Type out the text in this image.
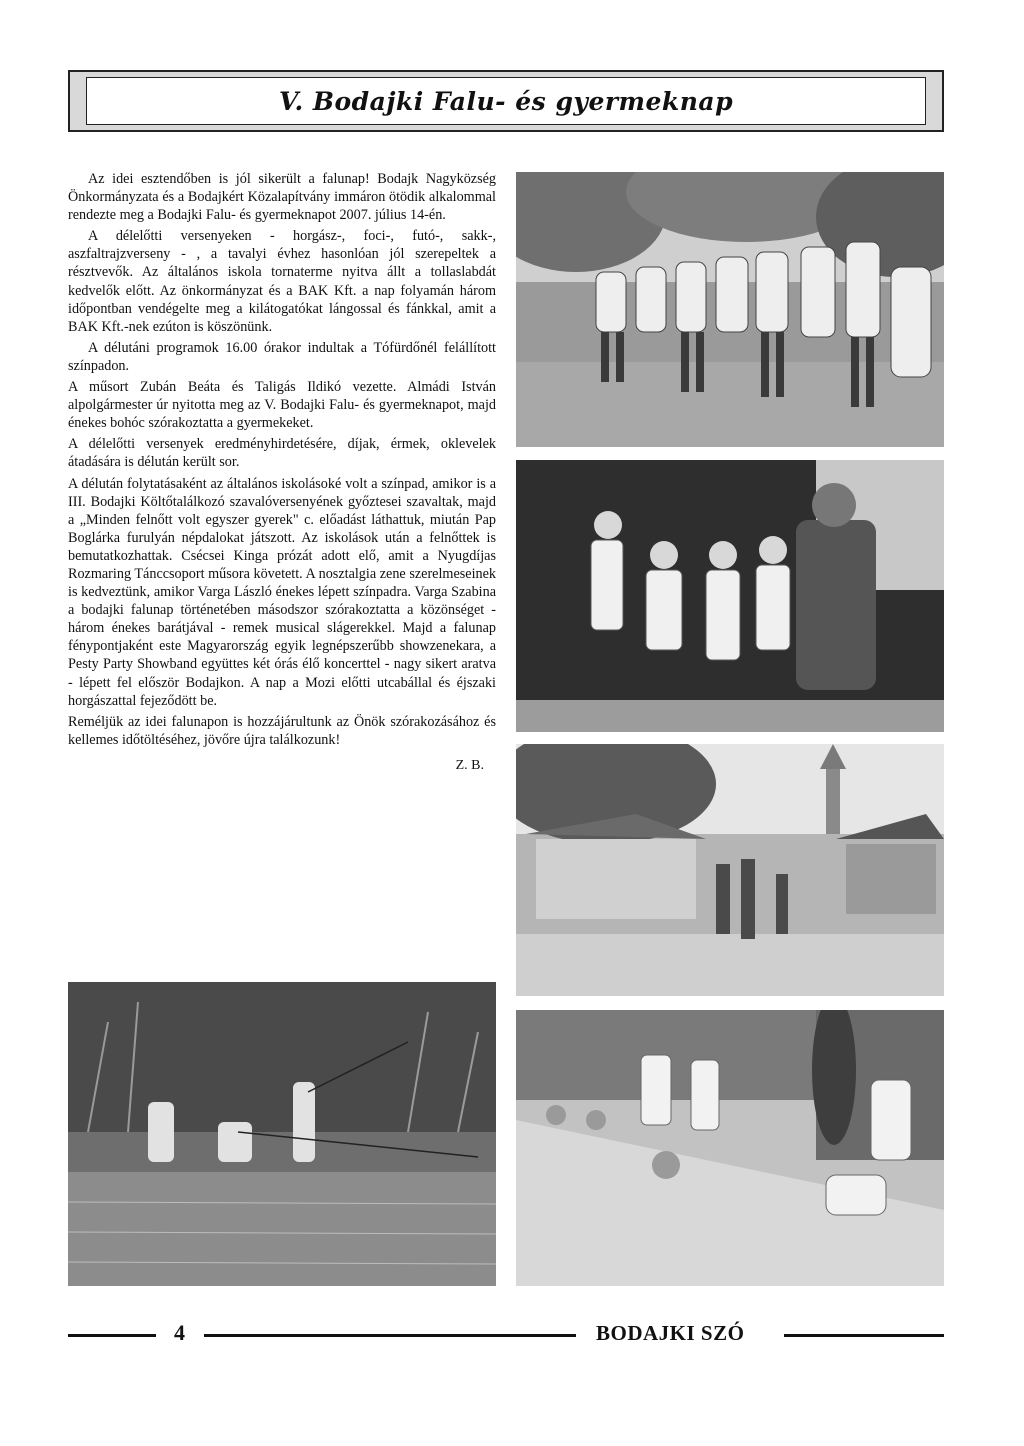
V. Bodajki Falu- és gyermeknap

Az idei esztendőben is jól sikerült a falunap! Bodajk Nagyközség Önkormányzata és a Bodajkért Közalapítvány immáron ötödik alkalommal rendezte meg a Bodajki Falu- és gyermeknapot 2007. július 14-én.

A délelőtti versenyeken - horgász-, foci-, futó-, sakk-, aszfaltrajzverseny - , a tavalyi évhez hasonlóan jól szerepeltek a résztvevők. Az általános iskola tornaterme nyitva állt a tollaslabdát kedvelők előtt. Az önkormányzat és a BAK Kft. a nap folyamán három időpontban vendégelte meg a kilátogatókat lángossal és fánkkal, amit a BAK Kft.-nek ezúton is köszönünk.

A délutáni programok 16.00 órakor indultak a Tófürdőnél felállított színpadon.

A műsort Zubán Beáta és Taligás Ildikó vezette. Almádi István alpolgármester úr nyitotta meg az V. Bodajki Falu- és gyermeknapot, majd énekes bohóc szórakoztatta a gyermekeket.

A délelőtti versenyek eredményhirdetésére, díjak, érmek, oklevelek átadására is délután került sor.

A délután folytatásaként az általános iskolásoké volt a színpad, amikor is a III. Bodajki Költőtalálkozó szavalóversenyének győztesei szavaltak, majd a „Minden felnőtt volt egyszer gyerek" c. előadást láthattuk, miután Pap Boglárka furulyán népdalokat játszott. Az iskolások után a felnőttek is bemutatkozhattak. Csécsei Kinga prózát adott elő, amit a Nyugdíjas Rozmaring Tánccsoport műsora követett. A nosztalgia zene szerelmeseinek is kedveztünk, amikor Varga László énekes lépett színpadra. Varga Szabina a bodajki falunap történetében másodszor szórakoztatta a közönséget - három énekes barátjával - remek musical slágerekkel. Majd a falunap fénypontjaként este Magyarország egyik legnépszerűbb showzenekara, a Pesty Party Showband együttes két órás élő koncerttel - nagy sikert aratva - lépett fel először Bodajkon. A nap a Mozi előtti utcabállal és éjszaki horgászattal fejeződött be.

Reméljük az idei falunapon is hozzájárultunk az Önök szórakozásához és kellemes időtöltéséhez, jövőre újra találkozunk!

Z. B.
4	BODAJKI SZÓ
